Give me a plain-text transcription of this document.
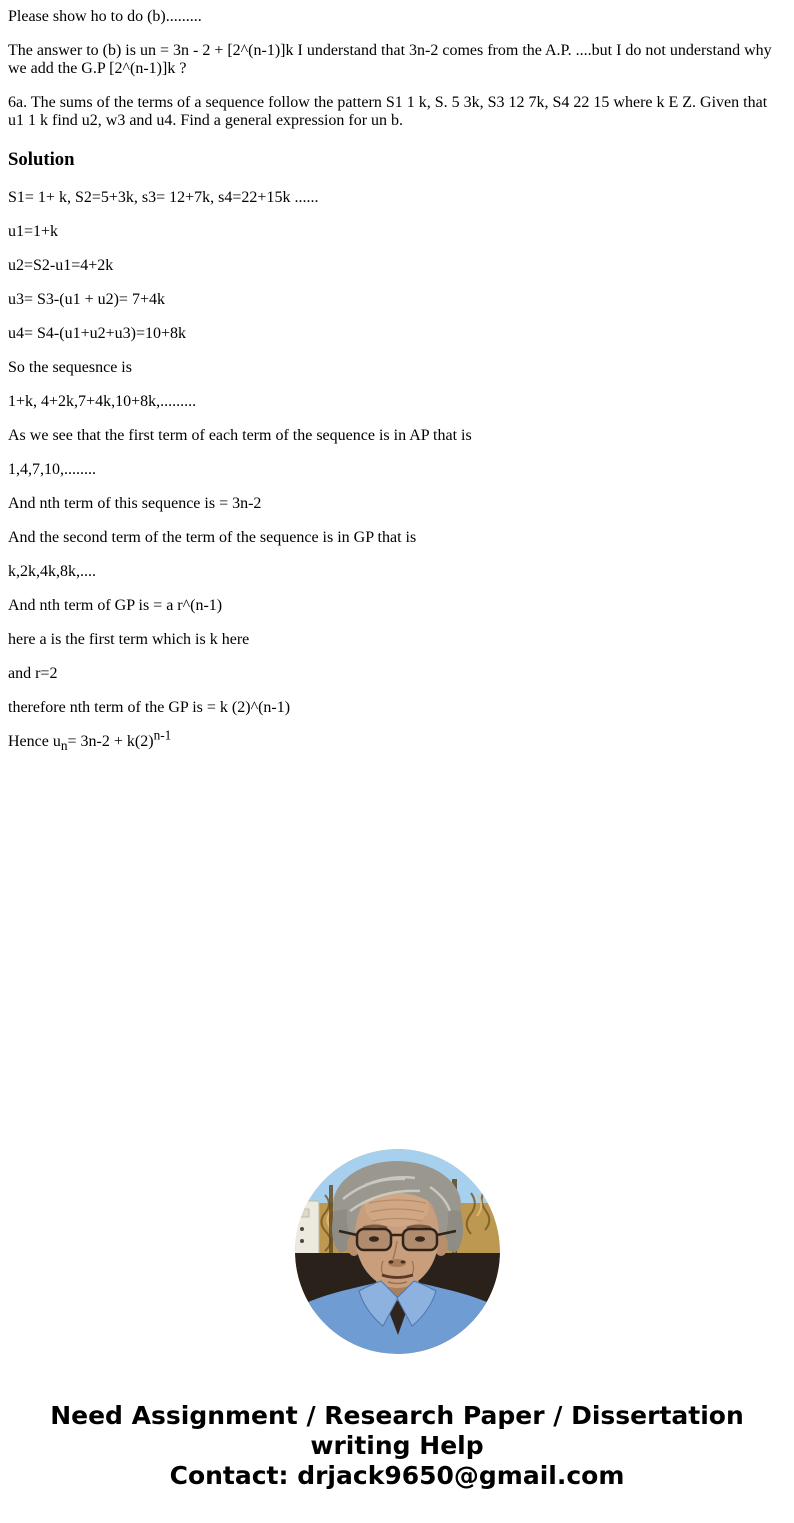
Please show ho to do (b).........

The answer to (b) is un = 3n - 2 + [2^(n-1)]k I understand that 3n-2 comes from the A.P. ....but I do not understand why we add the G.P [2^(n-1)]k ?

6a. The sums of the terms of a sequence follow the pattern S1 1 k, S. 5 3k, S3 12 7k, S4 22 15 where k E Z. Given that u1 1 k find u2, w3 and u4. Find a general expression for un b.

Solution

S1= 1+ k, S2=5+3k, s3= 12+7k, s4=22+15k ......

u1=1+k

u2=S2-u1=4+2k

u3= S3-(u1 + u2)= 7+4k

u4= S4-(u1+u2+u3)=10+8k

So the sequesnce is

1+k, 4+2k,7+4k,10+8k,.........

As we see that the first term of each term of the sequence is in AP that is

1,4,7,10,........

And nth term of this sequence is = 3n-2

And the second term of the term of the sequence is in GP that is

k,2k,4k,8k,....

And nth term of GP is = a r^(n-1)

here a is the first term which is k here

and r=2

therefore nth term of the GP is = k (2)^(n-1)

Hence $u_n= 3n-2 + k(2)^{n-1}$

Need Assignment / Research Paper / Dissertation
writing Help
Contact: drjack9650@gmail.com
